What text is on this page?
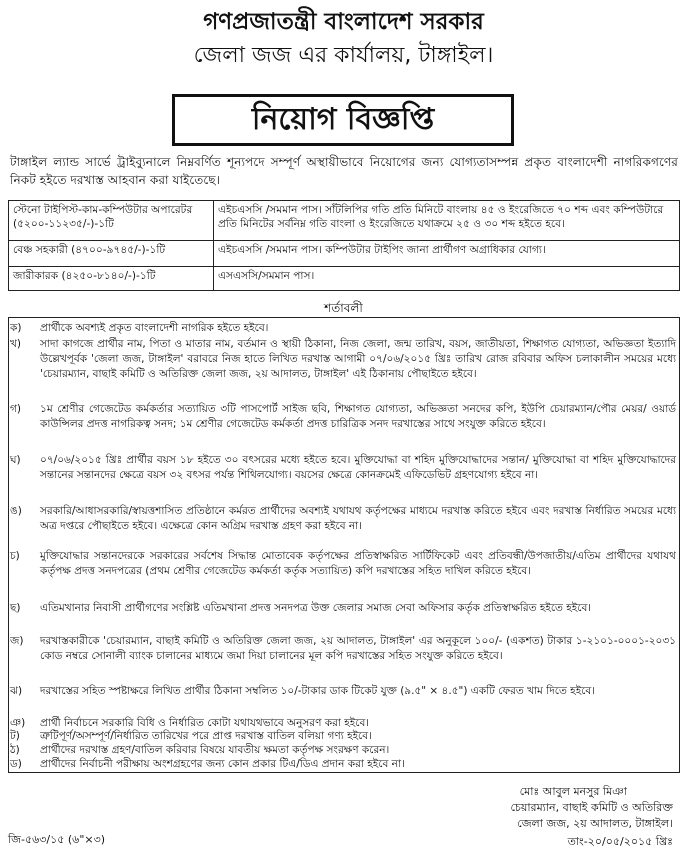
গণপ্রজাতন্ত্রী বাংলাদেশ সরকার
জেলা জজ এর কার্যালয়, টাঙ্গাইল।
নিয়োগ বিজ্ঞপ্তি
টাঙ্গাইল ল্যান্ড সার্ভে ট্রাইব্যুনালে নিম্নবর্ণিত শূন্যপদে সম্পূর্ণ অস্থায়ীভাবে নিয়োগের জন্য যোগ্যতাসম্পন্ন প্রকৃত বাংলাদেশী নাগরিকগণের নিকট হইতে দরখাস্ত আহবান করা যাইতেছে।
স্টেনো টাইপিস্ট-কাম-কম্পিউটার অপারেটর (৫২০০-১১২৩৫/-)-১টি	এইচএসসি /সমমান পাস। সাঁটলিপির গতি প্রতি মিনিটে বাংলায় ৪৫ ও ইংরেজিতে ৭০ শব্দ এবং কম্পিউটারে প্রতি মিনিটের সর্বনিম্ন গতি বাংলা ও ইংরেজিতে যথাক্রমে ২৫ ও ৩০ শব্দ হইতে হবে।
বেঞ্চ সহকারী (৪৭০০-৯৭৪৫/-)-১টি	এইচএসসি /সমমান পাস। কম্পিউটার টাইপিং জানা প্রার্থীগণ অগ্রাধিকার যোগ্য।
জারীকারক (৪২৫০-৮১৪০/-)-১টি	এসএসসি/সমমান পাস।
শর্তাবলী
ক)	প্রার্থীকে অবশ্যই প্রকৃত বাংলাদেশী নাগরিক হইতে হইবে।
খ)	সাদা কাগজে প্রার্থীর নাম, পিতা ও মাতার নাম, বর্তমান ও স্থায়ী ঠিকানা, নিজ জেলা, জন্ম তারিখ, বয়স, জাতীয়তা, শিক্ষাগত যোগ্যতা, অভিজ্ঞতা ইত্যাদি উল্লেখপূর্বক 'জেলা জজ, টাঙ্গাইল' বরাবরে নিজ হাতে লিখিত দরখাস্ত আগামী ০৭/০৬/২০১৫ খ্রিঃ তারিখ রোজ রবিবার অফিস চলাকালীন সময়ের মধ্যে 'চেয়ারম্যান, বাছাই কমিটি ও অতিরিক্ত জেলা জজ, ২য় আদালত, টাঙ্গাইল' এই ঠিকানায় পৌছাইতে হইবে।
গ)	১ম শ্রেণীর গেজেটেড কর্মকর্তার সত্যায়িত ৩টি পাসপোর্ট সাইজ ছবি, শিক্ষাগত যোগ্যতা, অভিজ্ঞতা সনদের কপি, ইউপি চেয়ারম্যান/পৌর মেয়র/ ওয়ার্ড কাউন্সিলর প্রদত্ত নাগরিকত্ব সনদ; ১ম শ্রেণীর গেজেটেড কর্মকর্তা প্রদত্ত চারিত্রিক সনদ দরখাস্তের সাথে সংযুক্ত করিতে হইবে।
ঘ)	০৭/০৬/২০১৫ খ্রিঃ প্রার্থীর বয়স ১৮ হইতে ৩০ বৎসরের মধ্যে হইতে হবে। মুক্তিযোদ্ধা বা শহিদ মুক্তিযোদ্ধাদের সন্তান/ মুক্তিযোদ্ধা বা শহিদ মুক্তিযোদ্ধাদের সন্তানের সন্তানদের ক্ষেত্রে বয়স ৩২ বৎসর পর্যন্ত শিথিলযোগ্য। বয়সের ক্ষেত্রে কোনক্রমেই এফিডেভিট গ্রহণযোগ্য হইবে না।
ঙ)	সরকারি/আধাসরকারি/স্বায়ত্তশাসিত প্রতিষ্ঠানে কর্মরত প্রার্থীদের অবশ্যই যথাযথ কর্তৃপক্ষের মাধ্যমে দরখাস্ত করিতে হইবে এবং দরখাস্ত নির্ধারিত সময়ের মধ্যে অত্র দপ্তরে পৌছাইতে হইবে। এক্ষেত্রে কোন অগ্রিম দরখাস্ত গ্রহণ করা হইবে না।
চ)	মুক্তিযোদ্ধার সন্তানদেরকে সরকারের সর্বশেষ সিদ্ধান্ত মোতাবেক কর্তৃপক্ষের প্রতিস্বাক্ষরিত সার্টিফিকেট এবং প্রতিবন্ধী/উপজাতীয়/এতিম প্রার্থীদের যথাযথ কর্তৃপক্ষ প্রদত্ত সনদপত্রের (প্রথম শ্রেণীর গেজেটেড কর্মকর্তা কর্তৃক সত্যায়িত) কপি দরখাস্তের সহিত দাখিল করিতে হইবে।
ছ)	এতিমখানার নিবাসী প্রার্থীগণের সংশ্লিষ্ট এতিমখানা প্রদত্ত সনদপত্র উক্ত জেলার সমাজ সেবা অফিসার কর্তৃক প্রতিস্বাক্ষরিত হইতে হইবে।
জ)	দরখাস্তকারীকে 'চেয়ারম্যান, বাছাই কমিটি ও অতিরিক্ত জেলা জজ, ২য় আদালত, টাঙ্গাইল' এর অনুকূলে ১০০/- (একশত) টাকার ১-২১০১-০০০১-২০৩১ কোড নম্বরে সোনালী ব্যাংক চালানের মাধ্যমে জমা দিয়া চালানের মূল কপি দরখাস্তের সহিত সংযুক্ত করিতে হইবে।
ঝ)	দরখাস্তের সহিত স্পষ্টাক্ষরে লিখিত প্রার্থীর ঠিকানা সম্বলিত ১০/-টাকার ডাক টিকেট যুক্ত (৯.৫" × ৪.৫") একটি ফেরত খাম দিতে হইবে।
ঞ)	প্রার্থী নির্বাচনে সরকারি বিধি ও নির্ধারিত কোটা যথাযথভাবে অনুসরণ করা হইবে।
ট)	ত্রুটিপূর্ণ/অসম্পূর্ণ/নির্ধারিত তারিখের পরে প্রাপ্ত দরখাস্ত বাতিল বলিয়া গণ্য হইবে।
ঠ)	প্রার্থীদের দরখাস্ত গ্রহণ/বাতিল করিবার বিষয়ে যাবতীয় ক্ষমতা কর্তৃপক্ষ সংরক্ষণ করেন।
ড)	প্রার্থীদের নির্বাচনী পরীক্ষায় অংশগ্রহণের জন্য কোন প্রকার টিএ/ডিএ প্রদান করা হইবে না।
মোঃ আবুল মনসুর মিঞা
চেয়ারম্যান, বাছাই কমিটি ও অতিরিক্ত
জেলা জজ, ২য় আদালত, টাঙ্গাইল।
তাং-২০/০৫/২০১৫ খ্রিঃ
জি-৫৬৩/১৫ (৬"×৩)
